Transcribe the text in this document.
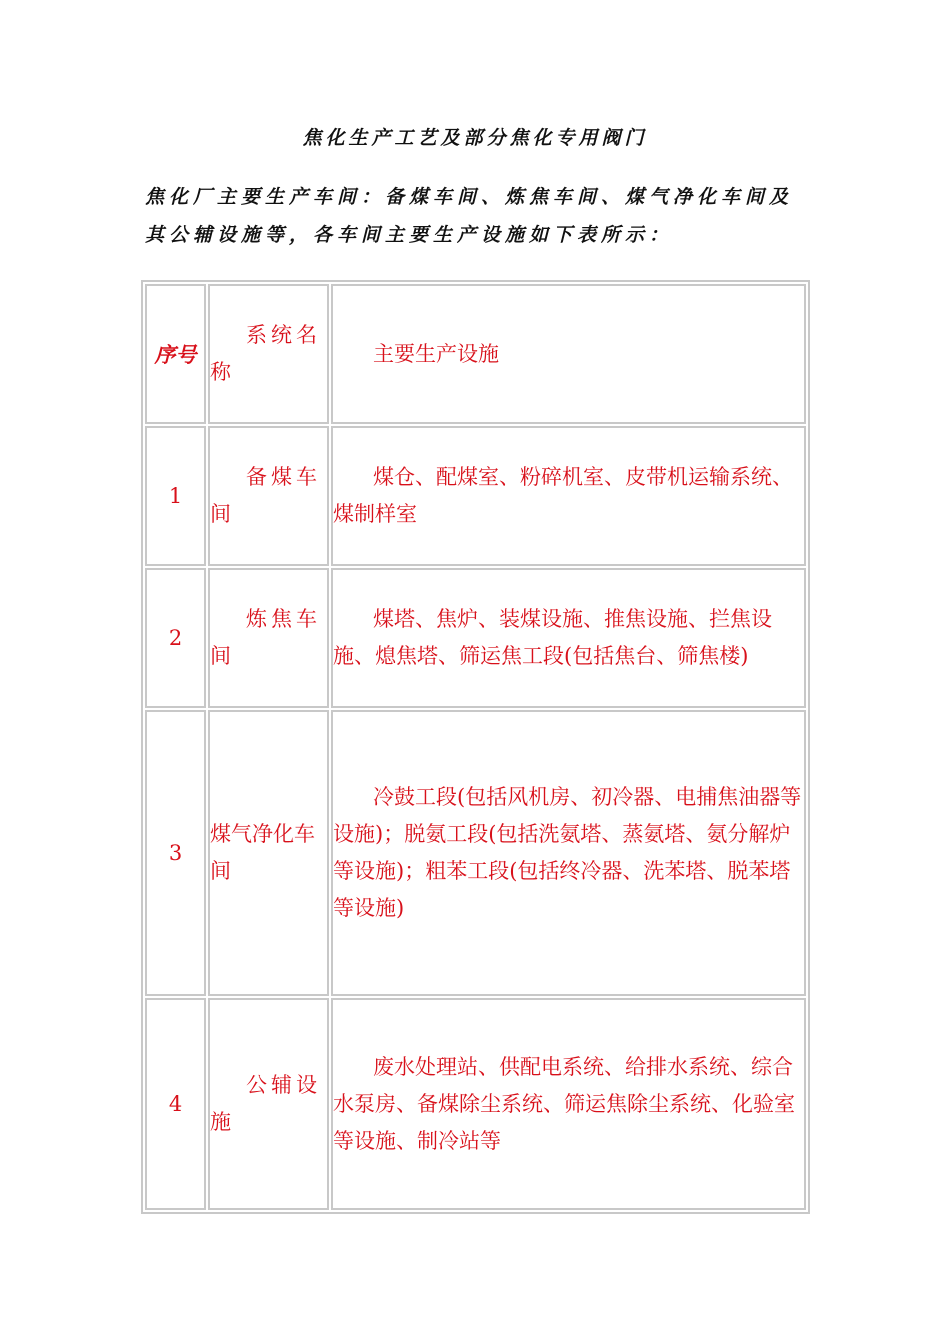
焦化生产工艺及部分焦化专用阀门
焦化厂主要生产车间：备煤车间、炼焦车间、煤气净化车间及其公辅设施等，各车间主要生产设施如下表所示：
序号	系统名称	主要生产设施

1	备煤车间	煤仓、配煤室、粉碎机室、皮带机运输系统、煤制样室

2	炼焦车间	煤塔、焦炉、装煤设施、推焦设施、拦焦设施、熄焦塔、筛运焦工段(包括焦台、筛焦楼)

3	煤气净化车间	冷鼓工段(包括风机房、初冷器、电捕焦油器等设施)；脱氨工段(包括洗氨塔、蒸氨塔、氨分解炉等设施)；粗苯工段(包括终冷器、洗苯塔、脱苯塔等设施)

4	公辅设施	废水处理站、供配电系统、给排水系统、综合水泵房、备煤除尘系统、筛运焦除尘系统、化验室等设施、制冷站等
